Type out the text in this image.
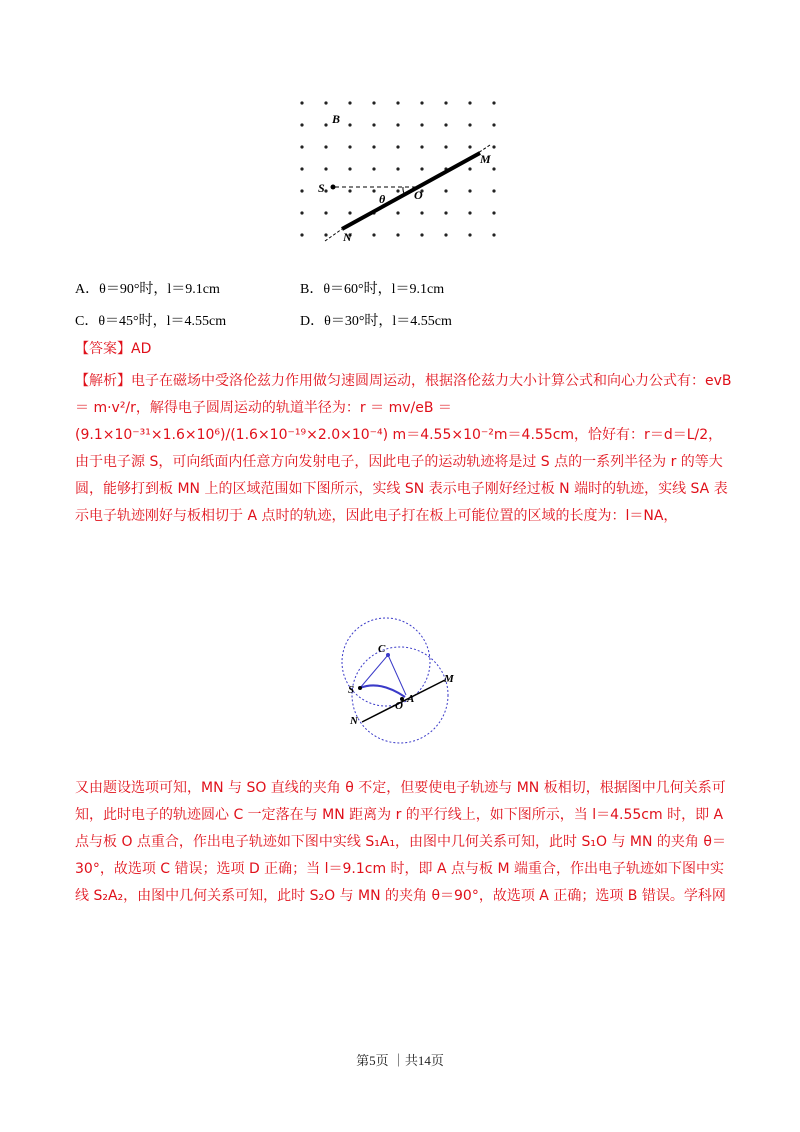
B
M
S	O
θ
N
A．θ＝90°时，l＝9.1cm	B．θ＝60°时，l＝9.1cm
C．θ＝45°时，l＝4.55cm	D．θ＝30°时，l＝4.55cm
【答案】AD
【解析】电子在磁场中受洛伦兹力作用做匀速圆周运动，根据洛伦兹力大小计算公式和向心力公式有：evB ＝ m·v²/r，解得电子圆周运动的轨道半径为：r ＝ mv/eB ＝ (9.1×10⁻³¹×1.6×10⁶)/(1.6×10⁻¹⁹×2.0×10⁻⁴) m＝4.55×10⁻²m＝4.55cm，恰好有：r＝d＝L/2，由于电子源 S，可向纸面内任意方向发射电子，因此电子的运动轨迹将是过 S 点的一系列半径为 r 的等大圆，能够打到板 MN 上的区域范围如下图所示，实线 SN 表示电子刚好经过板 N 端时的轨迹，实线 SA 表示电子轨迹刚好与板相切于 A 点时的轨迹，因此电子打在板上可能位置的区域的长度为：l＝NA，
C
S
M
A
O
N
又由题设选项可知，MN 与 SO 直线的夹角 θ 不定，但要使电子轨迹与 MN 板相切，根据图中几何关系可知，此时电子的轨迹圆心 C 一定落在与 MN 距离为 r 的平行线上，如下图所示，当 l＝4.55cm 时，即 A 点与板 O 点重合，作出电子轨迹如下图中实线 S₁A₁，由图中几何关系可知，此时 S₁O 与 MN 的夹角 θ＝30°，故选项 C 错误；选项 D 正确；当 l＝9.1cm 时，即 A 点与板 M 端重合，作出电子轨迹如下图中实线 S₂A₂，由图中几何关系可知，此时 S₂O 与 MN 的夹角 θ＝90°，故选项 A 正确；选项 B 错误。学科网
第5页 ｜共14页
